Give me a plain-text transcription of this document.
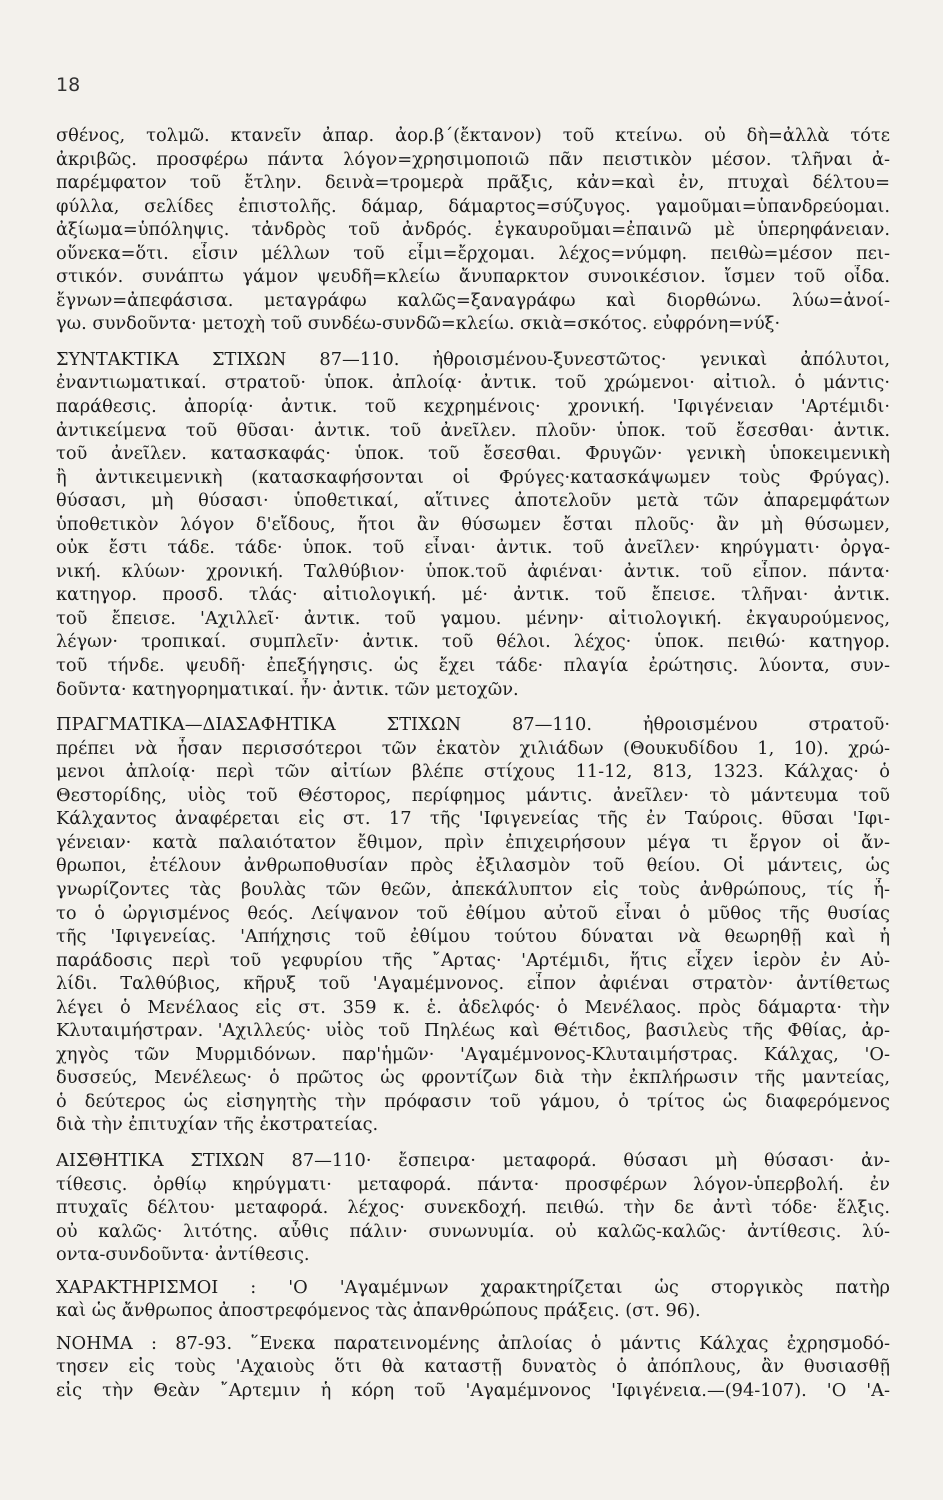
18
σθένος, τολμῶ. κτανεῖν ἀπαρ. ἀορ.β΄(ἔκτανον) τοῦ κτείνω. οὐ δὴ=ἀλλὰ τότε
ἀκριβῶς. προσφέρω πάντα λόγον=χρησιμοποιῶ πᾶν πειστικὸν μέσον. τλῆναι ἀ-
παρέμφατον τοῦ ἔτλην. δεινὰ=τρομερὰ πρᾶξις, κἀν=καὶ ἐν, πτυχαὶ δέλτου=
φύλλα, σελίδες ἐπιστολῆς. δάμαρ, δάμαρτος=σύζυγος. γαμοῦμαι=ὑπανδρεύομαι.
ἀξίωμα=ὑπόληψις. τἀνδρὸς τοῦ ἀνδρός. ἐγκαυροῦμαι=ἐπαινῶ μὲ ὑπερηφάνειαν.
οὕνεκα=ὅτι. εἶσιν μέλλων τοῦ εἶμι=ἔρχομαι. λέχος=νύμφη. πειθὼ=μέσον πει-
στικόν. συνάπτω γάμον ψευδῆ=κλείω ἄνυπαρκτον συνοικέσιον. ἴσμεν τοῦ οἶδα.
ἔγνων=ἀπεφάσισα. μεταγράφω καλῶς=ξαναγράφω καὶ διορθώνω. λύω=ἀνοί-
γω. συνδοῦντα· μετοχὴ τοῦ συνδέω-συνδῶ=κλείω. σκιὰ=σκότος. εὐφρόνη=νύξ·
ΣΥΝΤΑΚΤΙΚΑ ΣΤΙΧΩΝ 87—110. ἠθροισμένου-ξυνεστῶτος· γενικαὶ ἀπόλυτοι,
ἐναντιωματικαί. στρατοῦ· ὑποκ. ἀπλοίᾳ· ἀντικ. τοῦ χρώμενοι· αἰτιολ. ὁ μάντις·
παράθεσις. ἀπορίᾳ· ἀντικ. τοῦ κεχρημένοις· χρονική. 'Ιφιγένειαν 'Αρτέμιδι·
ἀντικείμενα τοῦ θῦσαι· ἀντικ. τοῦ ἀνεῖλεν. πλοῦν· ὑποκ. τοῦ ἔσεσθαι· ἀντικ.
τοῦ ἀνεῖλεν. κατασκαφάς· ὑποκ. τοῦ ἔσεσθαι. Φρυγῶν· γενικὴ ὑποκειμενικὴ
ἢ ἀντικειμενικὴ (κατασκαφήσονται οἱ Φρύγες·κατασκάψωμεν τοὺς Φρύγας).
θύσασι, μὴ θύσασι· ὑποθετικαί, αἵτινες ἀποτελοῦν μετὰ τῶν ἀπαρεμφάτων
ὑποθετικὸν λόγον δ'εἴδους, ἤτοι ἂν θύσωμεν ἔσται πλοῦς· ἂν μὴ θύσωμεν,
οὐκ ἔστι τάδε. τάδε· ὑποκ. τοῦ εἶναι· ἀντικ. τοῦ ἀνεῖλεν· κηρύγματι· ὀργα-
νική. κλύων· χρονική. Ταλθύβιον· ὑποκ.τοῦ ἀφιέναι· ἀντικ. τοῦ εἶπον. πάντα·
κατηγορ. προσδ. τλάς· αἰτιολογική. μέ· ἀντικ. τοῦ ἔπεισε. τλῆναι· ἀντικ.
τοῦ ἔπεισε. 'Αχιλλεῖ· ἀντικ. τοῦ γαμου. μένην· αἰτιολογική. ἐκγαυρούμενος,
λέγων· τροπικαί. συμπλεῖν· ἀντικ. τοῦ θέλοι. λέχος· ὑποκ. πειθώ· κατηγορ.
τοῦ τήνδε. ψευδῆ· ἐπεξήγησις. ὡς ἔχει τάδε· πλαγία ἐρώτησις. λύοντα, συν-
δοῦντα· κατηγορηματικαί. ἦν· ἀντικ. τῶν μετοχῶν.
ΠΡΑΓΜΑΤΙΚΑ—ΔΙΑΣΑΦΗΤΙΚΑ ΣΤΙΧΩΝ 87—110. ἠθροισμένου στρατοῦ·
πρέπει νὰ ἦσαν περισσότεροι τῶν ἑκατὸν χιλιάδων (Θουκυδίδου 1, 10). χρώ-
μενοι ἀπλοίᾳ· περὶ τῶν αἰτίων βλέπε στίχους 11-12, 813, 1323. Κάλχας· ὁ
Θεστορίδης, υἱὸς τοῦ Θέστορος, περίφημος μάντις. ἀνεῖλεν· τὸ μάντευμα τοῦ
Κάλχαντος ἀναφέρεται εἰς στ. 17 τῆς 'Ιφιγενείας τῆς ἐν Ταύροις. θῦσαι 'Ιφι-
γένειαν· κατὰ παλαιότατον ἔθιμον, πρὶν ἐπιχειρήσουν μέγα τι ἔργον οἱ ἄν-
θρωποι, ἐτέλουν ἀνθρωποθυσίαν πρὸς ἐξιλασμὸν τοῦ θείου. Οἱ μάντεις, ὡς
γνωρίζοντες τὰς βουλὰς τῶν θεῶν, ἀπεκάλυπτον εἰς τοὺς ἀνθρώπους, τίς ἦ-
το ὁ ὠργισμένος θεός. Λείψανον τοῦ ἐθίμου αὐτοῦ εἶναι ὁ μῦθος τῆς θυσίας
τῆς 'Ιφιγενείας. 'Απήχησις τοῦ ἐθίμου τούτου δύναται νὰ θεωρηθῇ καὶ ἡ
παράδοσις περὶ τοῦ γεφυρίου τῆς ῎Αρτας· 'Αρτέμιδι, ἥτις εἶχεν ἱερὸν ἐν Αὐ-
λίδι. Ταλθύβιος, κῆρυξ τοῦ 'Αγαμέμνονος. εἶπον ἀφιέναι στρατὸν· ἀντίθετως
λέγει ὁ Μενέλαος εἰς στ. 359 κ. ἑ. ἀδελφός· ὁ Μενέλαος. πρὸς δάμαρτα· τὴν
Κλυταιμήστραν. 'Αχιλλεύς· υἱὸς τοῦ Πηλέως καὶ Θέτιδος, βασιλεὺς τῆς Φθίας, ἀρ-
χηγὸς τῶν Μυρμιδόνων. παρ'ἡμῶν· 'Αγαμέμνονος-Κλυταιμήστρας. Κάλχας, 'Ο-
δυσσεύς, Μενέλεως· ὁ πρῶτος ὡς φροντίζων διὰ τὴν ἐκπλήρωσιν τῆς μαντείας,
ὁ δεύτερος ὡς εἰσηγητὴς τὴν πρόφασιν τοῦ γάμου, ὁ τρίτος ὡς διαφερόμενος
διὰ τὴν ἐπιτυχίαν τῆς ἐκστρατείας.
ΑΙΣΘΗΤΙΚΑ ΣΤΙΧΩΝ 87—110· ἔσπειρα· μεταφορά. θύσασι μὴ θύσασι· ἀν-
τίθεσις. ὀρθίῳ κηρύγματι· μεταφορά. πάντα· προσφέρων λόγον-ὑπερβολή. ἐν
πτυχαῖς δέλτου· μεταφορά. λέχος· συνεκδοχή. πειθώ. τὴν δε ἀντὶ τόδε· ἕλξις.
οὐ καλῶς· λιτότης. αὖθις πάλιν· συνωνυμία. οὐ καλῶς-καλῶς· ἀντίθεσις. λύ-
οντα-συνδοῦντα· ἀντίθεσις.
ΧΑΡΑΚΤΗΡΙΣΜΟΙ : 'Ο 'Αγαμέμνων χαρακτηρίζεται ὡς στοργικὸς πατὴρ
καὶ ὡς ἄνθρωπος ἀποστρεφόμενος τὰς ἀπανθρώπους πράξεις. (στ. 96).
ΝΟΗΜΑ : 87-93. ῞Ενεκα παρατεινομένης ἀπλοίας ὁ μάντις Κάλχας ἐχρησμοδό-
τησεν εἰς τοὺς 'Αχαιοὺς ὅτι θὰ καταστῇ δυνατὸς ὁ ἀπόπλους, ἂν θυσιασθῇ
εἰς τὴν Θεὰν ῎Αρτεμιν ἡ κόρη τοῦ 'Αγαμέμνονος 'Ιφιγένεια.—(94-107). 'Ο 'Α-
